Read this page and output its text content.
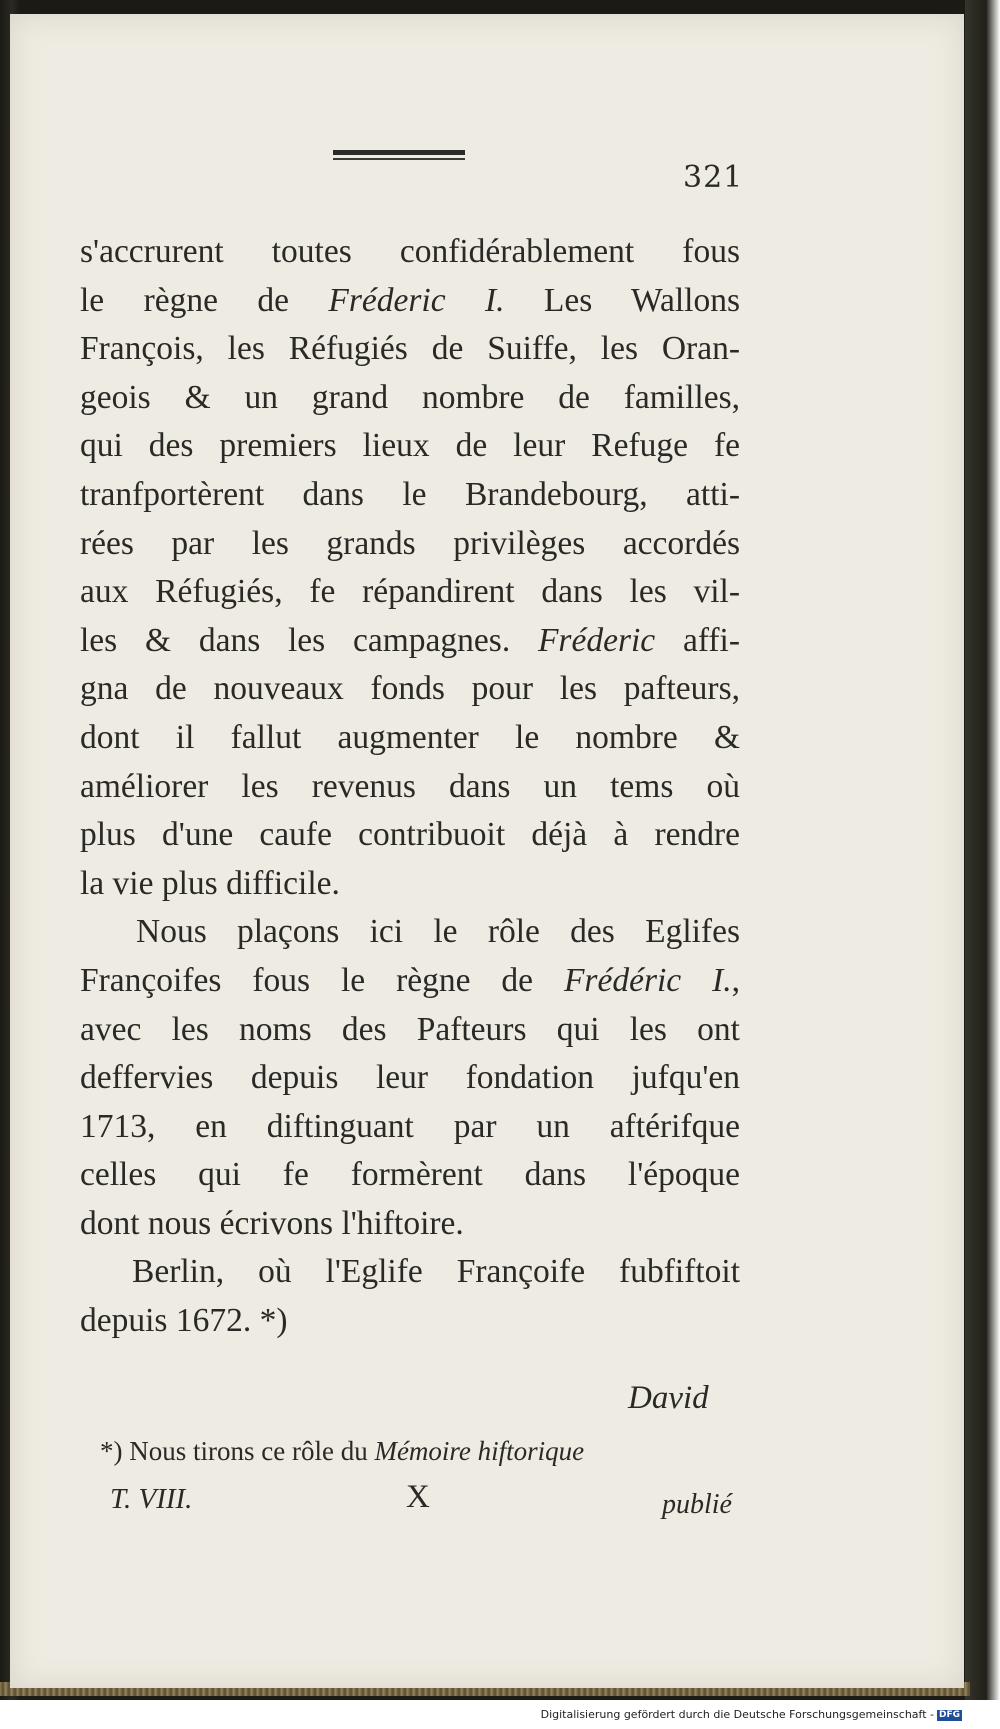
321
s'accrurent toutes confidérablement fous
le règne de Fréderic I. Les Wallons
François, les Réfugiés de Suiffe, les Oran-
geois & un grand nombre de familles,
qui des premiers lieux de leur Refuge fe
tranfportèrent dans le Brandebourg, atti-
rées par les grands privilèges accordés
aux Réfugiés, fe répandirent dans les vil-
les & dans les campagnes. Fréderic affi-
gna de nouveaux fonds pour les pafteurs,
dont il fallut augmenter le nombre &
améliorer les revenus dans un tems où
plus d'une caufe contribuoit déjà à rendre
la vie plus difficile.
Nous plaçons ici le rôle des Eglifes
Françoifes fous le règne de Frédéric I.,
avec les noms des Pafteurs qui les ont
deffervies depuis leur fondation jufqu'en
1713, en diftinguant par un aftérifque
celles qui fe formèrent dans l'époque
dont nous écrivons l'hiftoire.
Berlin, où l'Eglife Françoife fubfiftoit
depuis 1672. *)
David
*) Nous tirons ce rôle du Mémoire hiftorique
T. VIII.	X	publié
Digitalisierung gefördert durch die Deutsche Forschungsgemeinschaft - DFG
